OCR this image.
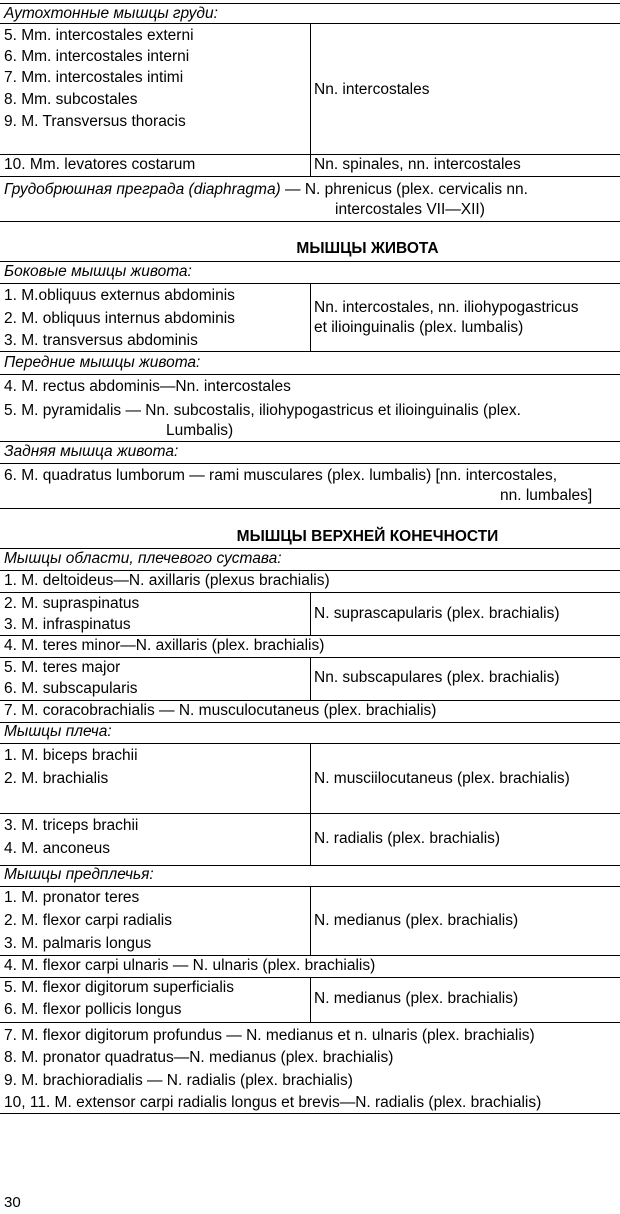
Аутохтонные мышцы груди:
5. Mm. intercostales externi
6. Mm. intercostales interni
7. Mm. intercostales intimi
8. Mm. subcostales
9. M. Transversus thoracis
Nn. intercostales
10. Mm. levatores costarum	Nn. spinales, nn. intercostales
Грудобрюшная преграда (diaphragma) — N. phrenicus (plex. cervicalis nn.
intercostales VII—XII)
МЫШЦЫ ЖИВОТА
Боковые мышцы живота:
1. M.obliquus externus abdominis
2. M. obliquus internus abdominis
3. M. transversus abdominis
Nn. intercostales, nn. iliohypogastricus
et ilioinguinalis (plex. lumbalis)
Передние мышцы живота:
4. M. rectus abdominis—Nn. intercostales
5. M. pyramidalis — Nn. subcostalis, iliohypogastricus et ilioinguinalis (plex.
Lumbalis)
Задняя мышца живота:
6. M. quadratus lumborum — rami musculares (plex. lumbalis) [nn. intercostales,
nn. lumbales]
МЫШЦЫ ВЕРХНЕЙ КОНЕЧНОСТИ
Мышцы области, плечевого сустава:
1. M. deltoideus—N. axillaris (plexus brachialis)
2. M. supraspinatus
3. M. infraspinatus
N. suprascapularis (plex. brachialis)
4. M. teres minor—N. axillaris (plex. brachialis)
5. M. teres major
6. M. subscapularis
Nn. subscapulares (plex. brachialis)
7. M. coracobrachialis — N. musculocutaneus (plex. brachialis)
Мышцы плеча:
1. M. biceps brachii
2. M. brachialis	N. musciilocutaneus (plex. brachialis)
3. M. triceps brachii
4. M. anconeus
N. radialis (plex. brachialis)
Мышцы предплечья:
1. M. pronator teres
2. M. flexor carpi radialis
3. M. palmaris longus
N. medianus (plex. brachialis)
4. M. flexor carpi ulnaris — N. ulnaris (plex. brachialis)
5. M. flexor digitorum superficialis
6. M. flexor pollicis longus
N. medianus (plex. brachialis)
7. M. flexor digitorum profundus — N. medianus et n. ulnaris (plex. brachialis)
8. M. pronator quadratus—N. medianus (plex. brachialis)
9. M. brachioradialis — N. radialis (plex. brachialis)
10, 11. M. extensor carpi radialis longus et brevis—N. radialis (plex. brachialis)
30
